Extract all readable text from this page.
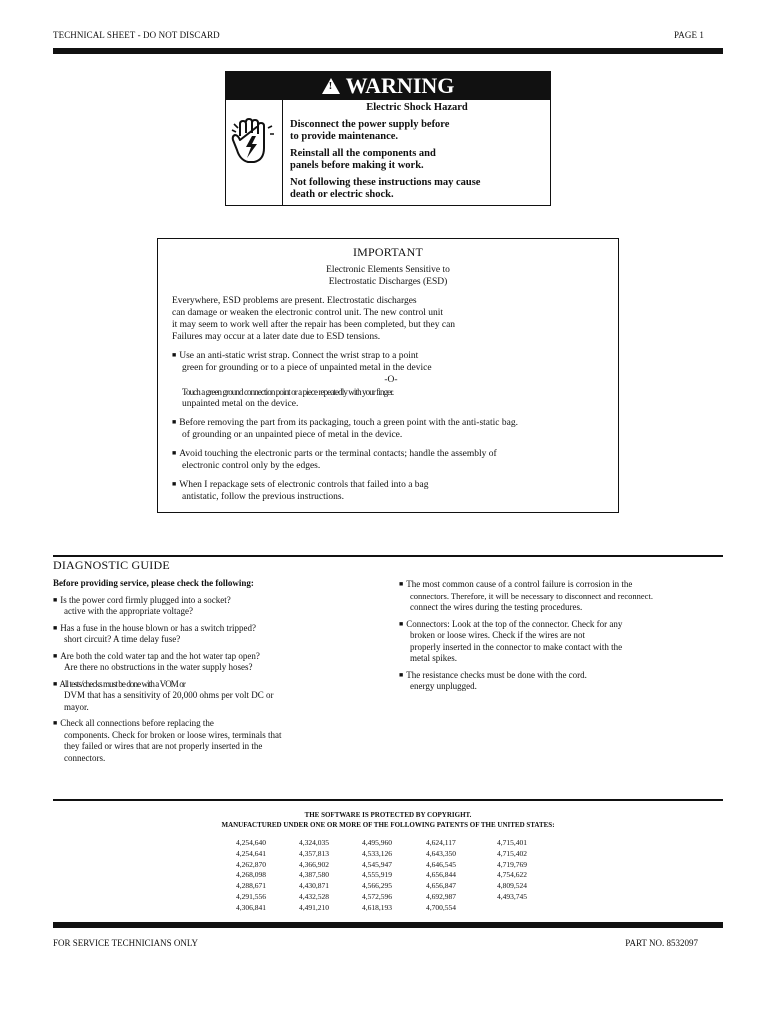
TECHNICAL SHEET - DO NOT DISCARD	PAGE 1
! WARNING
Electric Shock Hazard

Disconnect the power supply before
to provide maintenance.

Reinstall all the components and
panels before making it work.

Not following these instructions may cause
death or electric shock.

IMPORTANT
Electronic Elements Sensitive to
Electrostatic Discharges (ESD)

Everywhere, ESD problems are present. Electrostatic discharges

can damage or weaken the electronic control unit. The new control unit

it may seem to work well after the repair has been completed, but they can

Failures may occur at a later date due to ESD tensions.

■ Use an anti-static wrist strap. Connect the wrist strap to a point

green for grounding or to a piece of unpainted metal in the device

-O-

Touch a green ground connection point or a piece repeatedly with your finger.

unpainted metal on the device.

■ Before removing the part from its packaging, touch a green point with the anti-static bag.

of grounding or an unpainted piece of metal in the device.

■ Avoid touching the electronic parts or the terminal contacts; handle the assembly of

electronic control only by the edges.

■ When I repackage sets of electronic controls that failed into a bag

antistatic, follow the previous instructions.

DIAGNOSTIC GUIDE

Before providing service, please check the following:

■ Is the power cord firmly plugged into a socket?

active with the appropriate voltage?

■ Has a fuse in the house blown or has a switch tripped?

short circuit? A time delay fuse?

■ Are both the cold water tap and the hot water tap open?

Are there no obstructions in the water supply hoses?

■ All tests/checks must be done with a VOM or

DVM that has a sensitivity of 20,000 ohms per volt DC or

mayor.

■ Check all connections before replacing the

components. Check for broken or loose wires, terminals that

they failed or wires that are not properly inserted in the

connectors.

■ The most common cause of a control failure is corrosion in the

connectors. Therefore, it will be necessary to disconnect and reconnect.

connect the wires during the testing procedures.

■ Connectors: Look at the top of the connector. Check for any

broken or loose wires. Check if the wires are not

properly inserted in the connector to make contact with the

metal spikes.

■ The resistance checks must be done with the cord.

energy unplugged.

THE SOFTWARE IS PROTECTED BY COPYRIGHT.
MANUFACTURED UNDER ONE OR MORE OF THE FOLLOWING PATENTS OF THE UNITED STATES:
4,254,640
4,254,641
4,262,870
4,268,098
4,288,671
4,291,556
4,306,841
4,324,035
4,357,813
4,366,902
4,387,580
4,430,871
4,432,528
4,491,210
4,495,960
4,533,126
4,545,947
4,555,919
4,566,295
4,572,596
4,618,193
4,624,117
4,643,350
4,646,545
4,656,844
4,656,847
4,692,987
4,700,554
4,715,401
4,715,402
4,719,769
4,754,622
4,809,524
4,493,745
FOR SERVICE TECHNICIANS ONLY	PART NO. 8532097
